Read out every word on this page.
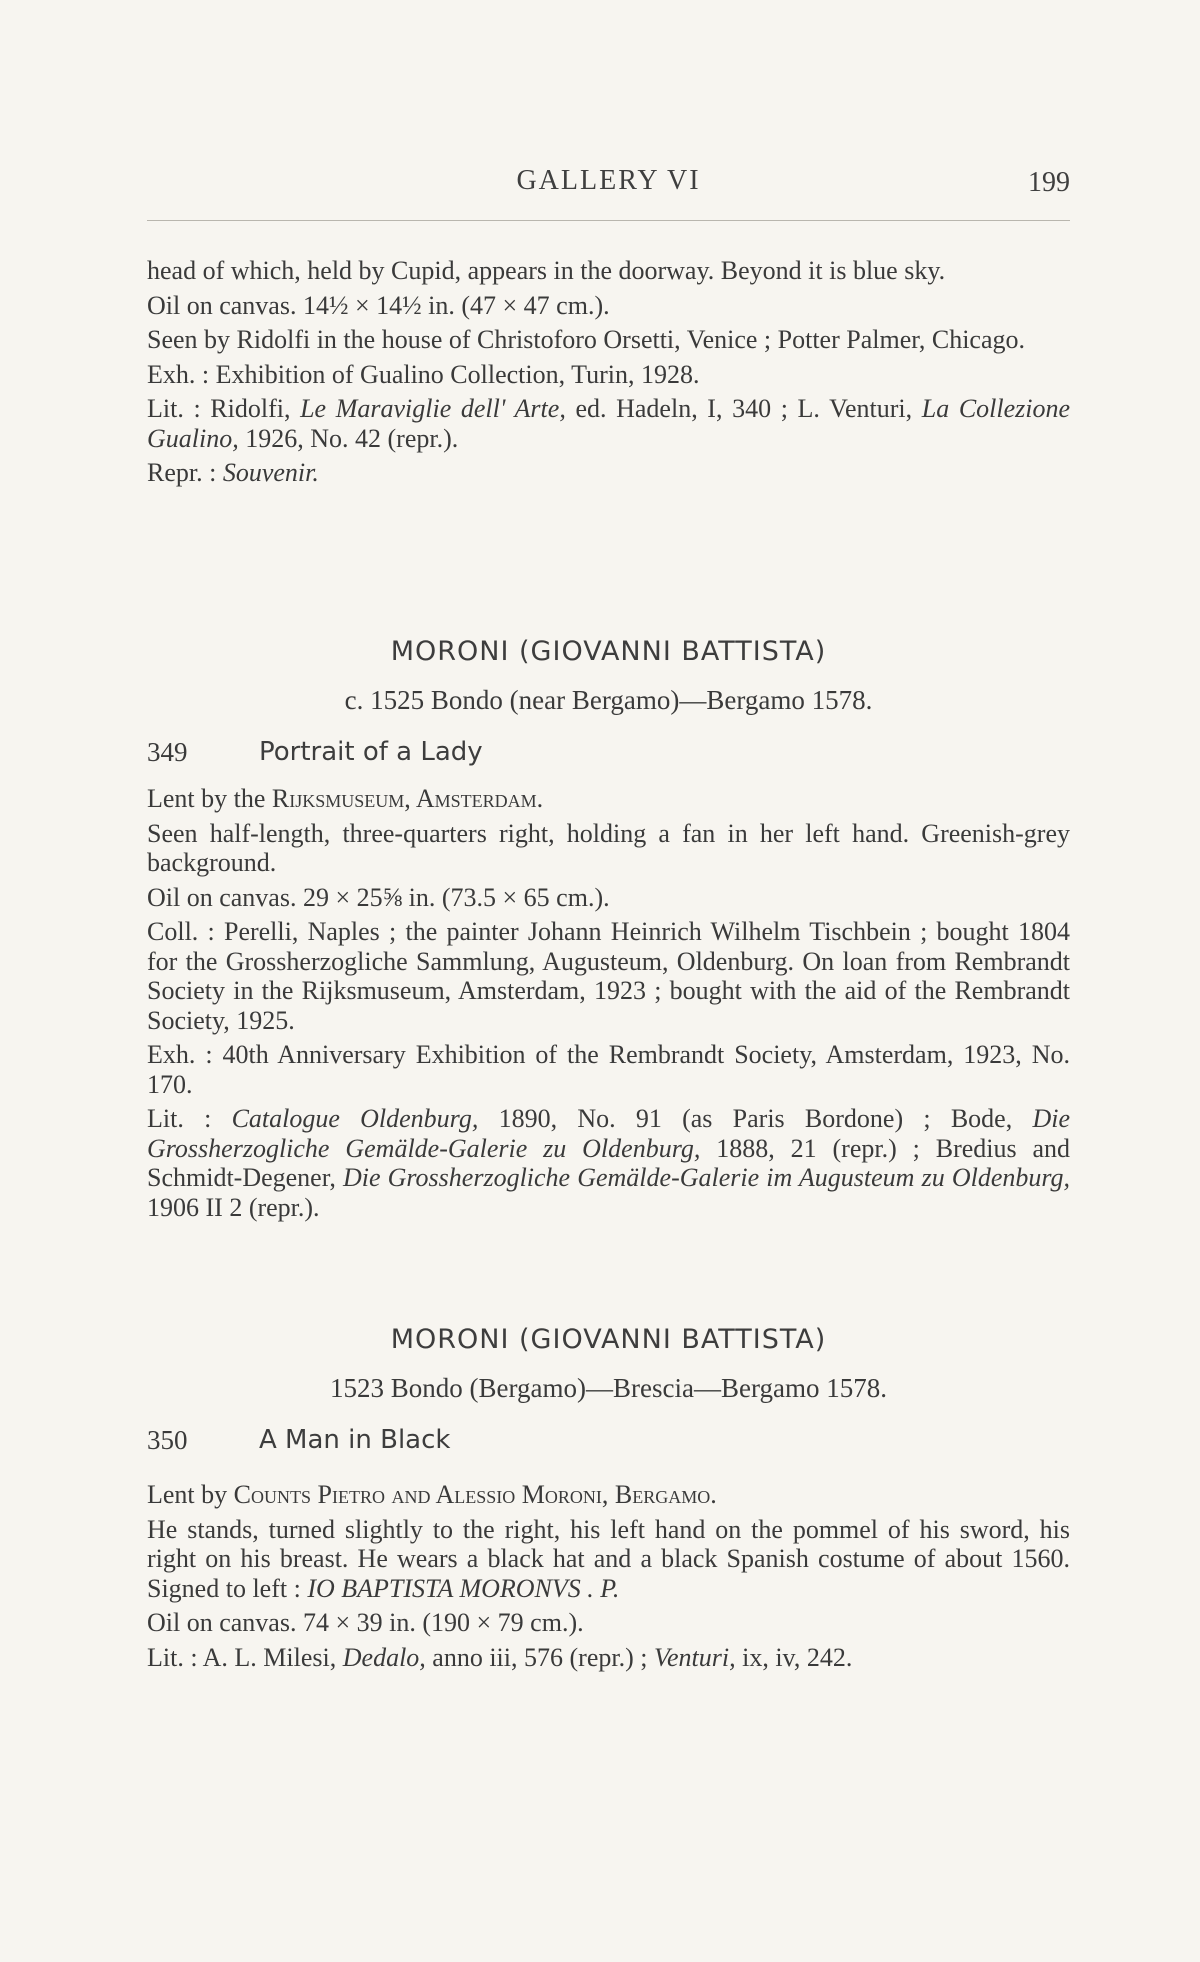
GALLERY VI	199

head of which, held by Cupid, appears in the doorway. Beyond it is blue sky.

Oil on canvas. 14½ × 14½ in. (47 × 47 cm.).

Seen by Ridolfi in the house of Christoforo Orsetti, Venice ; Potter Palmer, Chicago.

Exh. : Exhibition of Gualino Collection, Turin, 1928.

Lit. : Ridolfi, Le Maraviglie dell' Arte, ed. Hadeln, I, 340 ; L. Venturi, La Collezione Gualino, 1926, No. 42 (repr.).

Repr. : Souvenir.

MORONI (GIOVANNI BATTISTA)
c. 1525 Bondo (near Bergamo)—Bergamo 1578.
349	Portrait of a Lady

Lent by the Rijksmuseum, Amsterdam.

Seen half-length, three-quarters right, holding a fan in her left hand. Greenish-grey background.

Oil on canvas. 29 × 25⅝ in. (73.5 × 65 cm.).

Coll. : Perelli, Naples ; the painter Johann Heinrich Wilhelm Tischbein ; bought 1804 for the Grossherzogliche Sammlung, Augusteum, Oldenburg. On loan from Rembrandt Society in the Rijksmuseum, Amsterdam, 1923 ; bought with the aid of the Rembrandt Society, 1925.

Exh. : 40th Anniversary Exhibition of the Rembrandt Society, Amsterdam, 1923, No. 170.

Lit. : Catalogue Oldenburg, 1890, No. 91 (as Paris Bordone) ; Bode, Die Grossherzogliche Gemälde-Galerie zu Oldenburg, 1888, 21 (repr.) ; Bredius and Schmidt-Degener, Die Grossherzogliche Gemälde-Galerie im Augusteum zu Oldenburg, 1906 II 2 (repr.).

MORONI (GIOVANNI BATTISTA)
1523 Bondo (Bergamo)—Brescia—Bergamo 1578.
350	A Man in Black

Lent by Counts Pietro and Alessio Moroni, Bergamo.

He stands, turned slightly to the right, his left hand on the pommel of his sword, his right on his breast. He wears a black hat and a black Spanish costume of about 1560. Signed to left : IO BAPTISTA MORONVS . P.

Oil on canvas. 74 × 39 in. (190 × 79 cm.).

Lit. : A. L. Milesi, Dedalo, anno iii, 576 (repr.) ; Venturi, ix, iv, 242.
